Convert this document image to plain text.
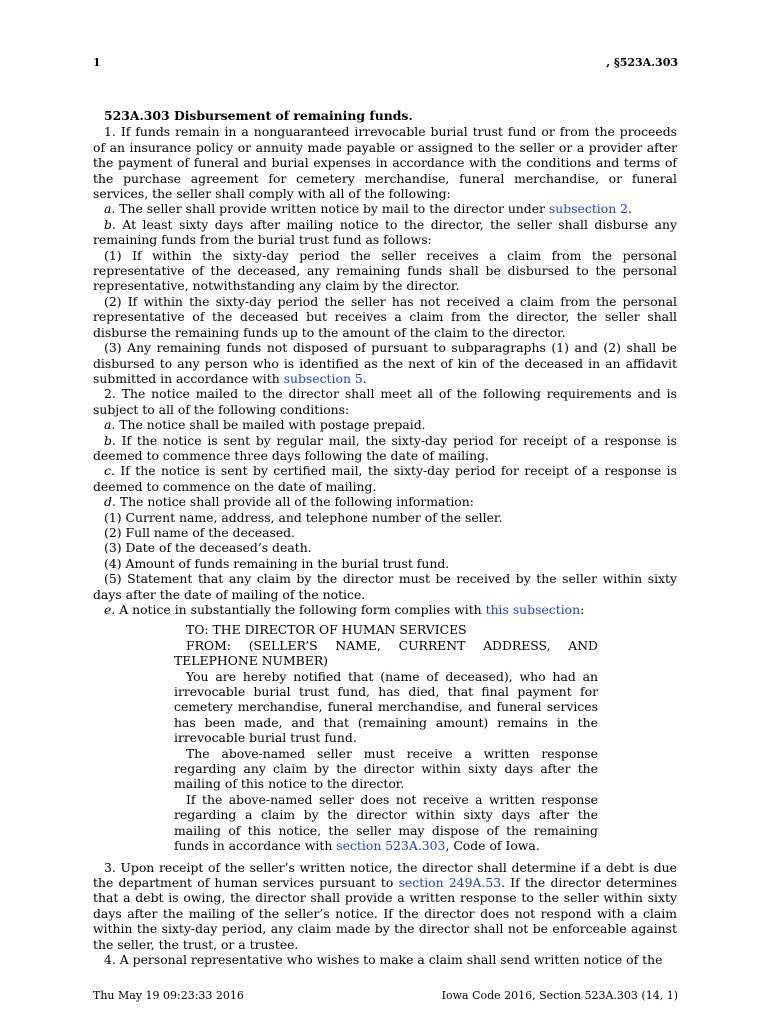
1	, §523A.303

523A.303 Disbursement of remaining funds.

1. If funds remain in a nonguaranteed irrevocable burial trust fund or from the proceeds of an insurance policy or annuity made payable or assigned to the seller or a provider after the payment of funeral and burial expenses in accordance with the conditions and terms of the purchase agreement for cemetery merchandise, funeral merchandise, or funeral services, the seller shall comply with all of the following:

a. The seller shall provide written notice by mail to the director under subsection 2.

b. At least sixty days after mailing notice to the director, the seller shall disburse any remaining funds from the burial trust fund as follows:

(1) If within the sixty-day period the seller receives a claim from the personal representative of the deceased, any remaining funds shall be disbursed to the personal representative, notwithstanding any claim by the director.

(2) If within the sixty-day period the seller has not received a claim from the personal representative of the deceased but receives a claim from the director, the seller shall disburse the remaining funds up to the amount of the claim to the director.

(3) Any remaining funds not disposed of pursuant to subparagraphs (1) and (2) shall be disbursed to any person who is identified as the next of kin of the deceased in an affidavit submitted in accordance with subsection 5.

2. The notice mailed to the director shall meet all of the following requirements and is subject to all of the following conditions:

a. The notice shall be mailed with postage prepaid.

b. If the notice is sent by regular mail, the sixty-day period for receipt of a response is deemed to commence three days following the date of mailing.

c. If the notice is sent by certified mail, the sixty-day period for receipt of a response is deemed to commence on the date of mailing.

d. The notice shall provide all of the following information:

(1) Current name, address, and telephone number of the seller.

(2) Full name of the deceased.

(3) Date of the deceased’s death.

(4) Amount of funds remaining in the burial trust fund.

(5) Statement that any claim by the director must be received by the seller within sixty days after the date of mailing of the notice.

e. A notice in substantially the following form complies with this subsection:

TO: THE DIRECTOR OF HUMAN SERVICES

FROM: (SELLER’S NAME, CURRENT ADDRESS, AND TELEPHONE NUMBER)

You are hereby notified that (name of deceased), who had an irrevocable burial trust fund, has died, that final payment for cemetery merchandise, funeral merchandise, and funeral services has been made, and that (remaining amount) remains in the irrevocable burial trust fund.

The above-named seller must receive a written response regarding any claim by the director within sixty days after the mailing of this notice to the director.

If the above-named seller does not receive a written response regarding a claim by the director within sixty days after the mailing of this notice, the seller may dispose of the remaining funds in accordance with section 523A.303, Code of Iowa.

3. Upon receipt of the seller’s written notice, the director shall determine if a debt is due the department of human services pursuant to section 249A.53. If the director determines that a debt is owing, the director shall provide a written response to the seller within sixty days after the mailing of the seller’s notice. If the director does not respond with a claim within the sixty-day period, any claim made by the director shall not be enforceable against the seller, the trust, or a trustee.

4. A personal representative who wishes to make a claim shall send written notice of the

Thu May 19 09:23:33 2016	Iowa Code 2016, Section 523A.303 (14, 1)
